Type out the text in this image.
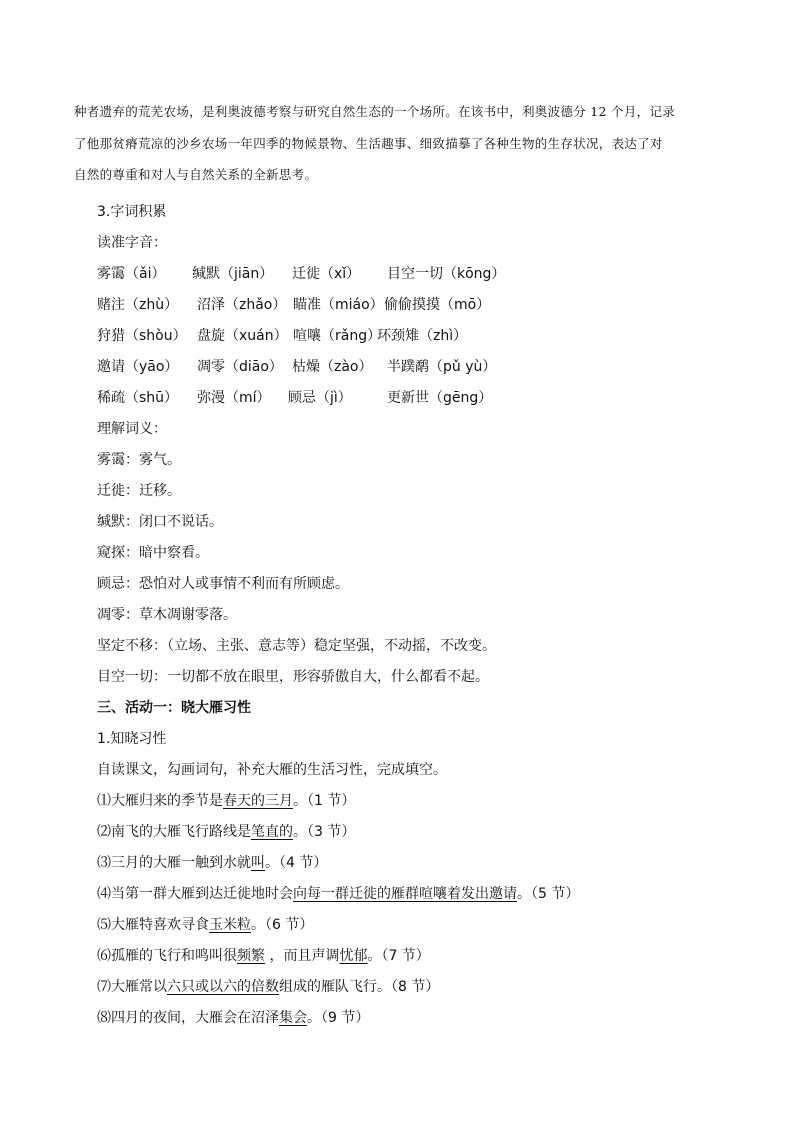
种者遗弃的荒芜农场，是利奥波德考察与研究自然生态的一个场所。在该书中，利奥波德分 12 个月，记录
了他那贫瘠荒凉的沙乡农场一年四季的物候景物、生活趣事、细致描摹了各种生物的生存状况，表达了对
自然的尊重和对人与自然关系的全新思考。
3.字词积累
读准字音：
雾霭（ǎi） 缄默（jiān） 迁徙（xǐ） 目空一切（kōng）
赌注（zhù） 沼泽（zhǎo） 瞄准（miáo） 偷偷摸摸（mō）
狩猎（shòu） 盘旋（xuán） 喧嚷（rǎng）
环颈雉（zhì）
邀请（yāo） 凋零（diāo） 枯燥（zào） 半蹼鹬（pǔ yù）
稀疏（shū） 弥漫（mí） 顾忌（jì）	更新世（gēng）
理解词义：
雾霭：雾气。
迁徙：迁移。
缄默：闭口不说话。
窥探：暗中察看。
顾忌：恐怕对人或事情不利而有所顾虑。
凋零：草木凋谢零落。
坚定不移：（立场、主张、意志等）稳定坚强，不动摇，不改变。
目空一切：一切都不放在眼里，形容骄傲自大，什么都看不起。
三、活动一：晓大雁习性
1.知晓习性
自读课文，勾画词句，补充大雁的生活习性，完成填空。
⑴大雁归来的季节是春天的三月。（1 节）
⑵南飞的大雁飞行路线是笔直的。（3 节）
⑶三月的大雁一触到水就叫。（4 节）
⑷当第一群大雁到达迁徙地时会向每一群迁徙的雁群喧嚷着发出邀请。（5 节）
⑸大雁特喜欢寻食玉米粒。（6 节）
⑹孤雁的飞行和鸣叫很频繁 ，而且声调忧郁。（7 节）
⑺大雁常以六只或以六的倍数组成的雁队飞行。（8 节）
⑻四月的夜间，大雁会在沼泽集会。（9 节）
